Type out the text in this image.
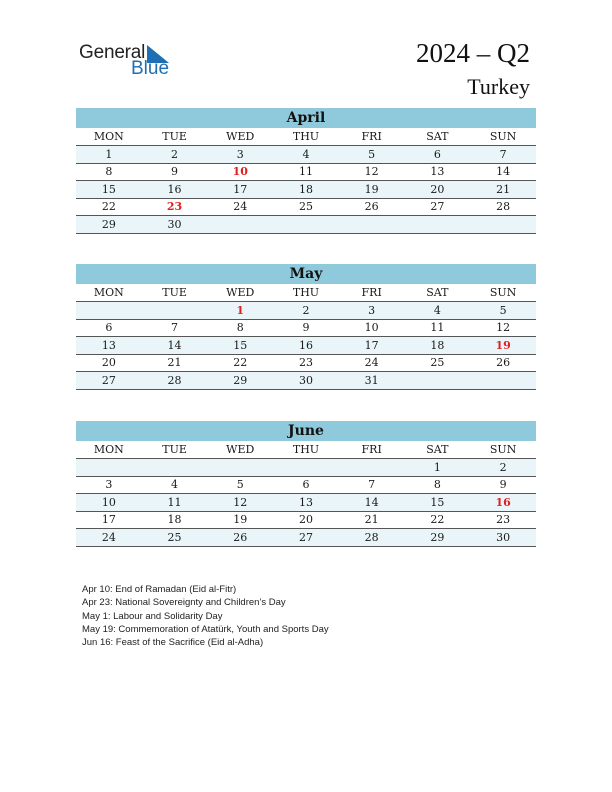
General
Blue
2024 – Q2
Turkey
April
MON	TUE	WED	THU	FRI	SAT	SUN
1	2	3	4	5	6	7
8	9	10	11	12	13	14
15	16	17	18	19	20	21
22	23	24	25	26	27	28
29	30					
May
MON	TUE	WED	THU	FRI	SAT	SUN
		1	2	3	4	5
6	7	8	9	10	11	12
13	14	15	16	17	18	19
20	21	22	23	24	25	26
27	28	29	30	31		
June
MON	TUE	WED	THU	FRI	SAT	SUN
					1	2
3	4	5	6	7	8	9
10	11	12	13	14	15	16
17	18	19	20	21	22	23
24	25	26	27	28	29	30
Apr 10: End of Ramadan (Eid al-Fitr)
Apr 23: National Sovereignty and Children’s Day
May 1: Labour and Solidarity Day
May 19: Commemoration of Atatürk, Youth and Sports Day
Jun 16: Feast of the Sacrifice (Eid al-Adha)
